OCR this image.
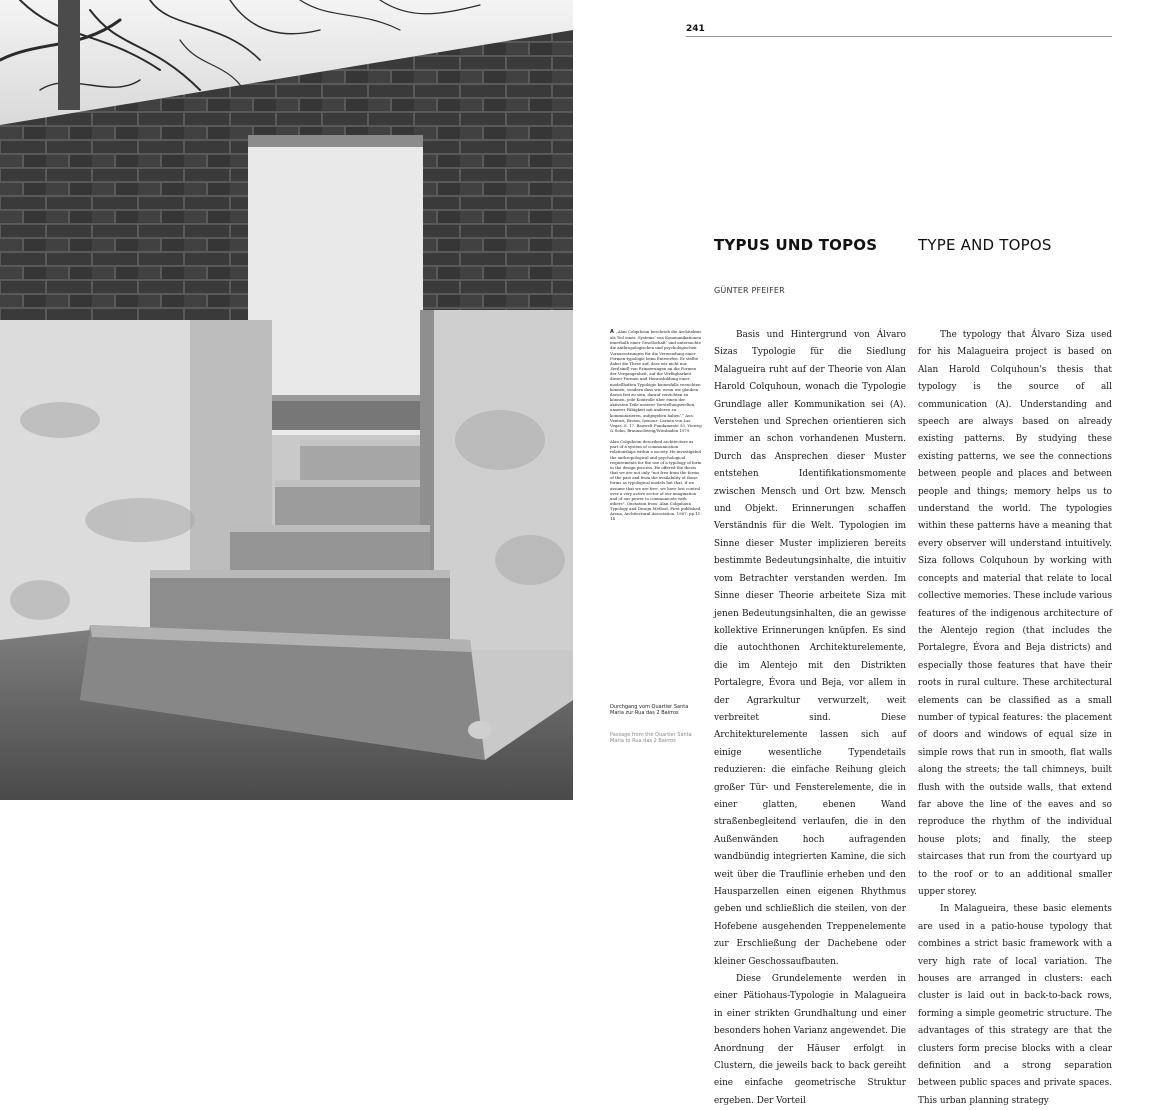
241
TYPUS UND TOPOS	TYPE AND TOPOS
GÜNTER PFEIFER

A „Alan Colquhoun beschrieb die Architektur als Teil eines ‚Systems‘ von Kommunikationen innerhalb einer Gesellschaft‘ und untersuchte die anthropologischen und psychologischen Voraussetzungen für die Verwendung einer Formen-typologie beim Entwerfen. Er stellte dabei die These auf, dass wir nicht nur ‚frei[sind] von Erinnerungen an die Formen der Vergangenheit, auf die Verfügbarkeit dieser Formen und Herausbildung einer modellhaften Typologie keinesfalls verzichten können, sondern dass wir, wenn wir glauben davon frei zu sein, darauf verzichten zu können, jede Kontrolle über einen der aktivsten Teile unserer Vorstellungswelten, unserer Fähigkeit mit anderen zu kommunizieren, aufgegeben haben‘.“ Aus: Venturi, Brown, Izenour: Lernen von Las Vegas, S. 17, Bauwelt Fundamente 53, Vieweg & Sohn, Braunschweig/Wiesbaden 1979

Alan Colquhoun described architecture as part of a system of communication relationships within a society. He investigated the anthropological and psychological requirements for the use of a typology of form in the design process. He offered the thesis that we are not only "not free from the forms of the past and from the availability of these forms as typological models but that, if we assume that we are free, we have lost control over a very active sector of our imagination and of our power to communicate with others". Quotation from: Alan Colquhoun Typology and Design Method, First published, Arena, Architectural Association, 1967, pp.11-14

Durchgang vom Quartier Santa Maria zur Rua das 2 Bairros
Passage from the Quartier Santa Maria to Rua das 2 Bairros

Basis und Hintergrund von Álvaro Sizas Typologie für die Siedlung Malagueira ruht auf der Theorie von Alan Harold Colquhoun, wonach die Typologie Grundlage aller Kommunikation sei (A). Verstehen und Sprechen orientieren sich immer an schon vorhandenen Mustern. Durch das Ansprechen dieser Muster entstehen Identifikationsmomente zwischen Mensch und Ort bzw. Mensch und Objekt. Erinnerungen schaffen Verständnis für die Welt. Typologien im Sinne dieser Muster implizieren bereits bestimmte Bedeutungsinhalte, die intuitiv vom Betrachter verstanden werden. Im Sinne dieser Theorie arbeitete Siza mit jenen Bedeutungsinhalten, die an gewisse kollektive Erinnerungen knüpfen. Es sind die autochthonen Architekturelemente, die im Alentejo mit den Distrikten Portalegre, Évora und Beja, vor allem in der Agrarkultur verwurzelt, weit verbreitet sind. Diese Architekturelemente lassen sich auf einige wesentliche Typendetails reduzieren: die einfache Reihung gleich großer Tür- und Fensterelemente, die in einer glatten, ebenen Wand straßenbegleitend verlaufen, die in den Außenwänden hoch aufragenden wandbündig integrierten Kamine, die sich weit über die Trauflinie erheben und den Hausparzellen einen eigenen Rhythmus geben und schließlich die steilen, von der Hofebene ausgehenden Treppenelemente zur Erschließung der Dachebene oder kleiner Geschossaufbauten.

Diese Grundelemente werden in einer Pätiohaus-Typologie in Malagueira in einer strikten Grundhaltung und einer besonders hohen Varianz angewendet. Die Anordnung der Häuser erfolgt in Clustern, die jeweils back to back gereiht eine einfache geometrische Struktur ergeben. Der Vorteil

The typology that Álvaro Siza used for his Malagueira project is based on Alan Harold Colquhoun's thesis that typology is the source of all communication (A). Understanding and speech are always based on already existing patterns. By studying these existing patterns, we see the connections between people and places and between people and things; memory helps us to understand the world. The typologies within these patterns have a meaning that every observer will understand intuitively. Siza follows Colquhoun by working with concepts and material that relate to local collective memories. These include various features of the indigenous architecture of the Alentejo region (that includes the Portalegre, Évora and Beja districts) and especially those features that have their roots in rural culture. These architectural elements can be classified as a small number of typical features: the placement of doors and windows of equal size in simple rows that run in smooth, flat walls along the streets; the tall chimneys, built flush with the outside walls, that extend far above the line of the eaves and so reproduce the rhythm of the individual house plots; and finally, the steep staircases that run from the courtyard up to the roof or to an additional smaller upper storey.

In Malagueira, these basic elements are used in a patio-house typology that combines a strict basic framework with a very high rate of local variation. The houses are arranged in clusters: each cluster is laid out in back-to-back rows, forming a simple geometric structure. The advantages of this strategy are that the clusters form precise blocks with a clear definition and a strong separation between public spaces and private spaces. This urban planning strategy
